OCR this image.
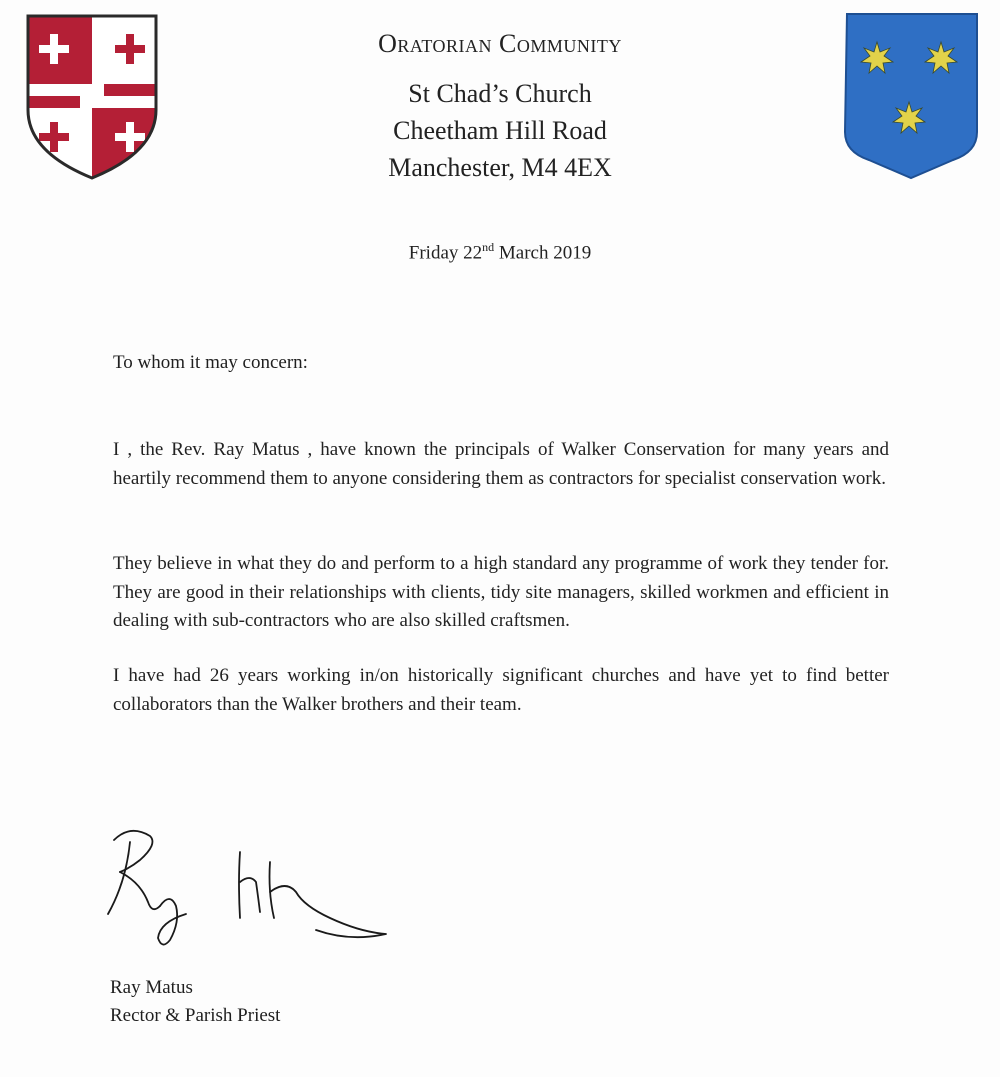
Oratorian Community
St Chad’s Church
Cheetham Hill Road
Manchester, M4 4EX
Friday 22nd March 2019
To whom it may concern:
I , the Rev. Ray Matus , have known the principals of Walker Conservation for many years and heartily recommend them to anyone considering them as contractors for specialist conservation work.
They believe in what they do and perform to a high standard any programme of work they tender for. They are good in their relationships with clients, tidy site managers, skilled workmen and efficient in dealing with sub-contractors who are also skilled craftsmen.
I have had 26 years working in/on historically significant churches and have yet to find better collaborators than the Walker brothers and their team.
Ray Matus
Rector & Parish Priest
